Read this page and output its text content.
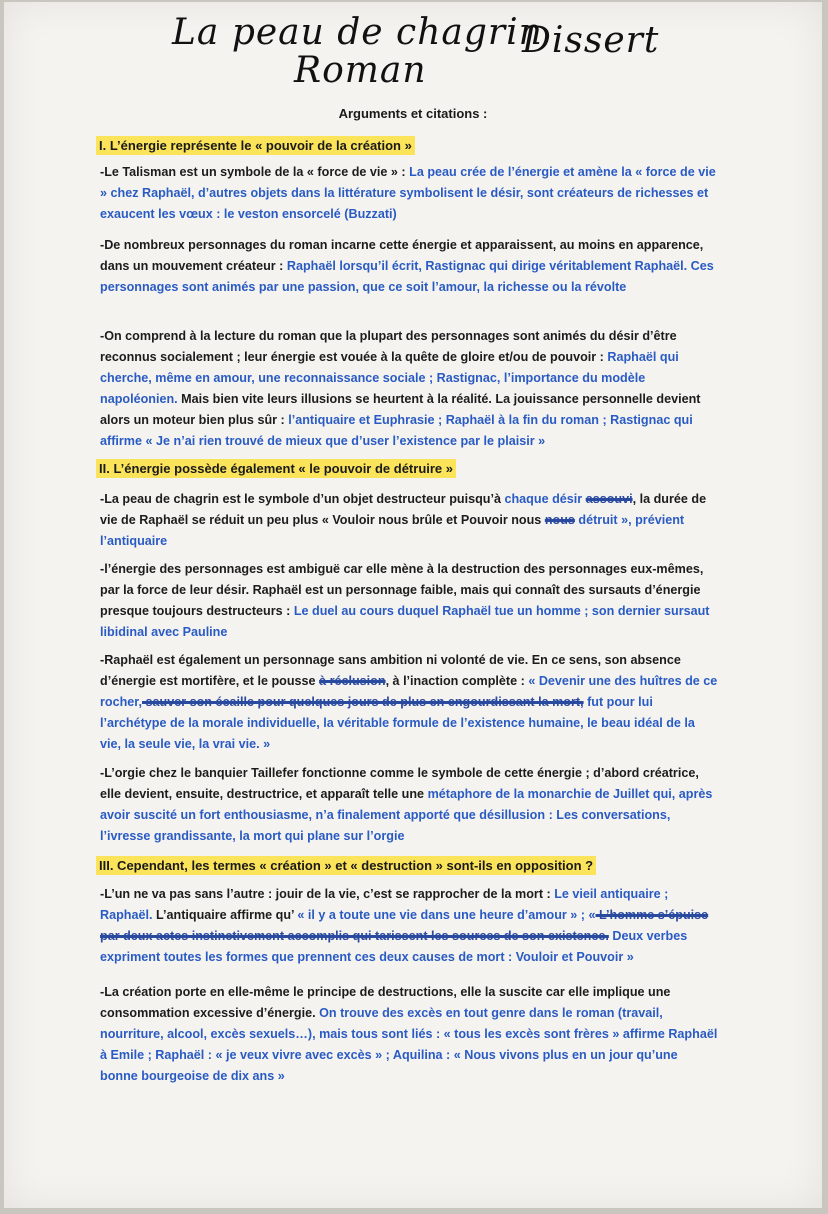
La peau de chagrin
Roman
Dissert
Arguments et citations :
I. L’énergie représente le « pouvoir de la création »

-Le Talisman est un symbole de la « force de vie » : La peau crée de l’énergie et amène la « force de vie » chez Raphaël, d’autres objets dans la littérature symbolisent le désir, sont créateurs de richesses et exaucent les vœux : le veston ensorcelé (Buzzati)

-De nombreux personnages du roman incarne cette énergie et apparaissent, au moins en apparence, dans un mouvement créateur : Raphaël lorsqu’il écrit, Rastignac qui dirige véritablement Raphaël. Ces personnages sont animés par une passion, que ce soit l’amour, la richesse ou la révolte

-On comprend à la lecture du roman que la plupart des personnages sont animés du désir d’être reconnus socialement ; leur énergie est vouée à la quête de gloire et/ou de pouvoir : Raphaël qui cherche, même en amour, une reconnaissance sociale ; Rastignac, l’importance du modèle napoléonien. Mais bien vite leurs illusions se heurtent à la réalité. La jouissance personnelle devient alors un moteur bien plus sûr : l’antiquaire et Euphrasie ; Raphaël à la fin du roman ; Rastignac qui affirme « Je n’ai rien trouvé de mieux que d’user l’existence par le plaisir »

II. L’énergie possède également « le pouvoir de détruire »

-La peau de chagrin est le symbole d’un objet destructeur puisqu’à chaque désir assouvi, la durée de vie de Raphaël se réduit un peu plus « Vouloir nous brûle et Pouvoir nous nous détruit », prévient l’antiquaire

-l’énergie des personnages est ambiguë car elle mène à la destruction des personnages eux-mêmes, par la force de leur désir. Raphaël est un personnage faible, mais qui connaît des sursauts d’énergie presque toujours destructeurs : Le duel au cours duquel Raphaël tue un homme ; son dernier sursaut libidinal avec Pauline

-Raphaël est également un personnage sans ambition ni volonté de vie. En ce sens, son absence d’énergie est mortifère, et le pousse à réclusion, à l’inaction complète : « Devenir une des huîtres de ce rocher, sauver son écaille pour quelques jours de plus en engourdissant la mort, fut pour lui l’archétype de la morale individuelle, la véritable formule de l’existence humaine, le beau idéal de la vie, la seule vie, la vrai vie. »

-L’orgie chez le banquier Taillefer fonctionne comme le symbole de cette énergie ; d’abord créatrice, elle devient, ensuite, destructrice, et apparaît telle une métaphore de la monarchie de Juillet qui, après avoir suscité un fort enthousiasme, n’a finalement apporté que désillusion : Les conversations, l’ivresse grandissante, la mort qui plane sur l’orgie

III. Cependant, les termes « création » et « destruction » sont-ils en opposition ?

-L’un ne va pas sans l’autre : jouir de la vie, c’est se rapprocher de la mort : Le vieil antiquaire ; Raphaël. L’antiquaire affirme qu’ « il y a toute une vie dans une heure d’amour » ; « L’homme s’épuise par deux actes instinctivement accomplis qui tarissent les sources de son existence. Deux verbes expriment toutes les formes que prennent ces deux causes de mort : Vouloir et Pouvoir »

-La création porte en elle-même le principe de destructions, elle la suscite car elle implique une consommation excessive d’énergie. On trouve des excès en tout genre dans le roman (travail, nourriture, alcool, excès sexuels…), mais tous sont liés : « tous les excès sont frères » affirme Raphaël à Emile ; Raphaël : « je veux vivre avec excès » ; Aquilina : « Nous vivons plus en un jour qu’une bonne bourgeoise de dix ans »
